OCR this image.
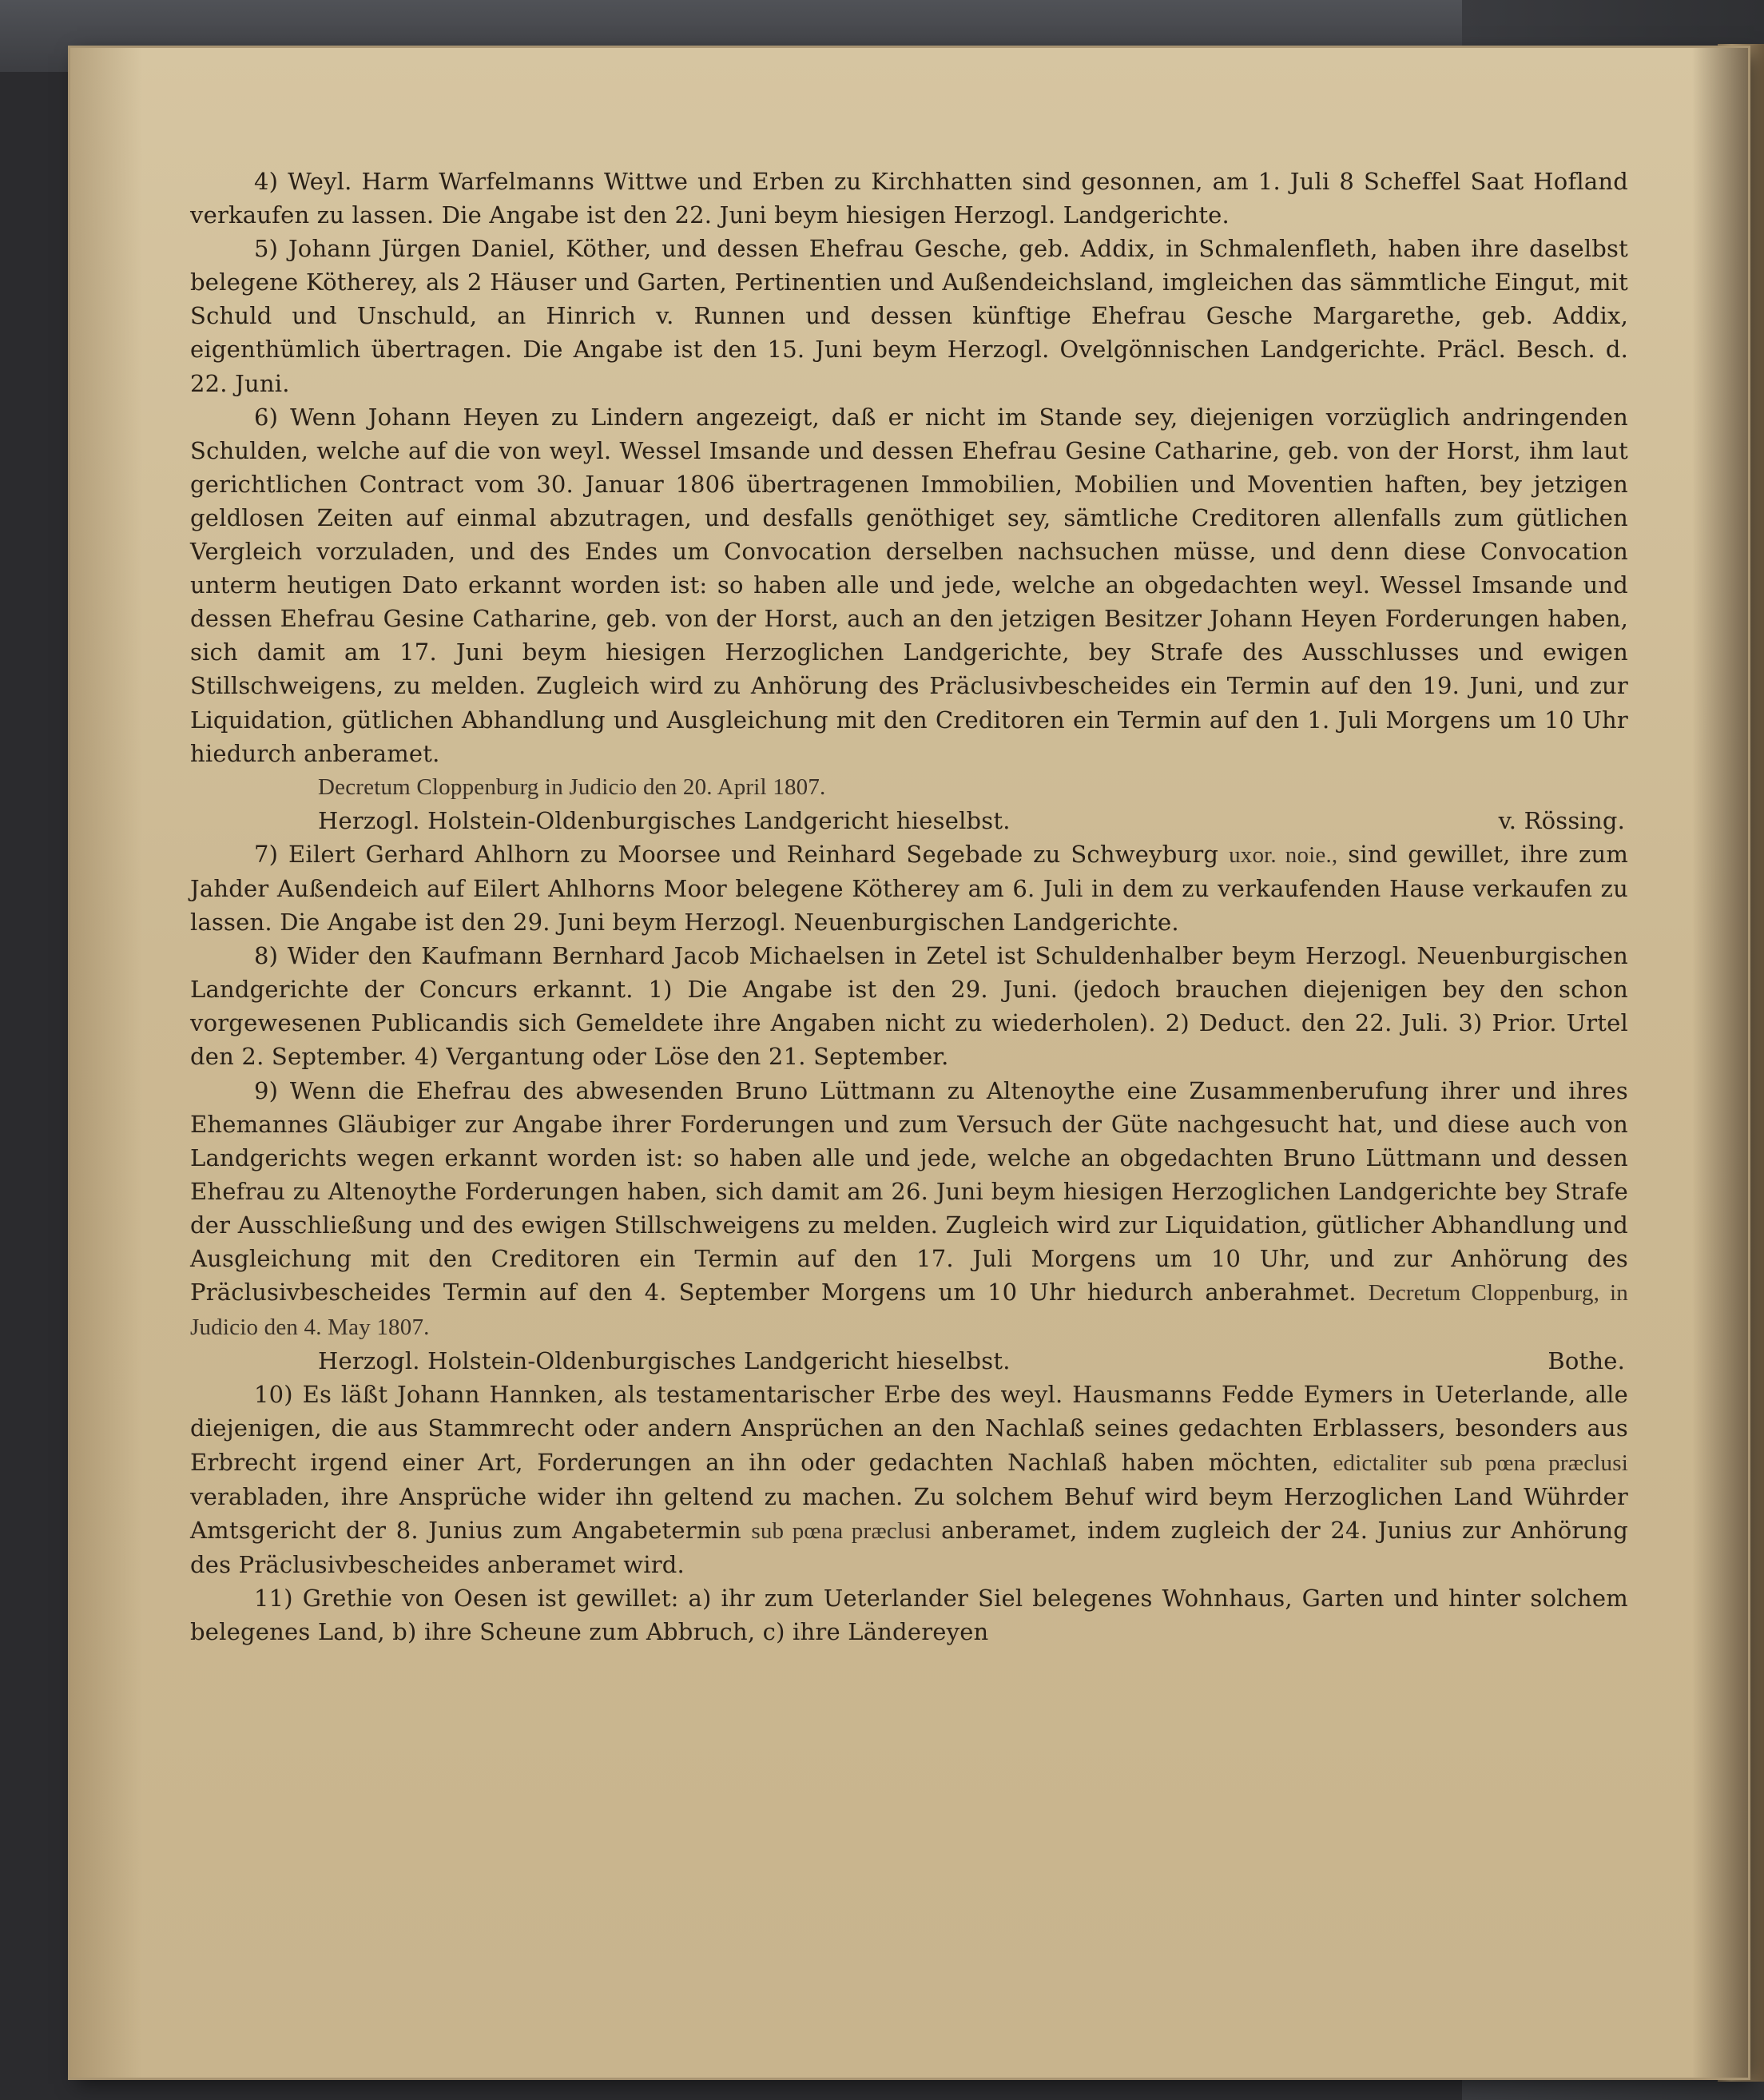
4) Weyl. Harm Warfelmanns Wittwe und Erben zu Kirchhatten sind gesonnen, am 1. Juli 8 Scheffel Saat Hofland verkaufen zu lassen. Die Angabe ist den 22. Juni beym hiesigen Herzogl. Landgerichte.

5) Johann Jürgen Daniel, Köther, und dessen Ehefrau Gesche, geb. Addix, in Schmalenfleth, haben ihre daselbst belegene Kötherey, als 2 Häuser und Garten, Pertinentien und Außendeichsland, imgleichen das sämmtliche Eingut, mit Schuld und Unschuld, an Hinrich v. Runnen und dessen künftige Ehefrau Gesche Margarethe, geb. Addix, eigenthümlich übertragen. Die Angabe ist den 15. Juni beym Herzogl. Ovelgönnischen Landgerichte. Präcl. Besch. d. 22. Juni.

6) Wenn Johann Heyen zu Lindern angezeigt, daß er nicht im Stande sey, diejenigen vorzüglich andringenden Schulden, welche auf die von weyl. Wessel Imsande und dessen Ehefrau Gesine Catharine, geb. von der Horst, ihm laut gerichtlichen Contract vom 30. Januar 1806 übertragenen Immobilien, Mobilien und Moventien haften, bey jetzigen geldlosen Zeiten auf einmal abzutragen, und desfalls genöthiget sey, sämtliche Creditoren allenfalls zum gütlichen Vergleich vorzuladen, und des Endes um Convocation derselben nachsuchen müsse, und denn diese Convocation unterm heutigen Dato erkannt worden ist: so haben alle und jede, welche an obgedachten weyl. Wessel Imsande und dessen Ehefrau Gesine Catharine, geb. von der Horst, auch an den jetzigen Besitzer Johann Heyen Forderungen haben, sich damit am 17. Juni beym hiesigen Herzoglichen Landgerichte, bey Strafe des Ausschlusses und ewigen Stillschweigens, zu melden. Zugleich wird zu Anhörung des Präclusivbescheides ein Termin auf den 19. Juni, und zur Liquidation, gütlichen Abhandlung und Ausgleichung mit den Creditoren ein Termin auf den 1. Juli Morgens um 10 Uhr hiedurch anberamet.

Decretum Cloppenburg in Judicio den 20. April 1807.

Herzogl. Holstein-Oldenburgisches Landgericht hieselbst.	v. Rössing.

7) Eilert Gerhard Ahlhorn zu Moorsee und Reinhard Segebade zu Schweyburg uxor. noie., sind gewillet, ihre zum Jahder Außendeich auf Eilert Ahlhorns Moor belegene Kötherey am 6. Juli in dem zu verkaufenden Hause verkaufen zu lassen. Die Angabe ist den 29. Juni beym Herzogl. Neuenburgischen Landgerichte.

8) Wider den Kaufmann Bernhard Jacob Michaelsen in Zetel ist Schuldenhalber beym Herzogl. Neuenburgischen Landgerichte der Concurs erkannt. 1) Die Angabe ist den 29. Juni. (jedoch brauchen diejenigen bey den schon vorgewesenen Publicandis sich Gemeldete ihre Angaben nicht zu wiederholen). 2) Deduct. den 22. Juli. 3) Prior. Urtel den 2. September. 4) Vergantung oder Löse den 21. September.

9) Wenn die Ehefrau des abwesenden Bruno Lüttmann zu Altenoythe eine Zusammenberufung ihrer und ihres Ehemannes Gläubiger zur Angabe ihrer Forderungen und zum Versuch der Güte nachgesucht hat, und diese auch von Landgerichts wegen erkannt worden ist: so haben alle und jede, welche an obgedachten Bruno Lüttmann und dessen Ehefrau zu Altenoythe Forderungen haben, sich damit am 26. Juni beym hiesigen Herzoglichen Landgerichte bey Strafe der Ausschließung und des ewigen Stillschweigens zu melden. Zugleich wird zur Liquidation, gütlicher Abhandlung und Ausgleichung mit den Creditoren ein Termin auf den 17. Juli Morgens um 10 Uhr, und zur Anhörung des Präclusivbescheides Termin auf den 4. September Morgens um 10 Uhr hiedurch anberahmet. Decretum Cloppenburg, in Judicio den 4. May 1807.

Herzogl. Holstein-Oldenburgisches Landgericht hieselbst.	Bothe.

10) Es läßt Johann Hannken, als testamentarischer Erbe des weyl. Hausmanns Fedde Eymers in Ueterlande, alle diejenigen, die aus Stammrecht oder andern Ansprüchen an den Nachlaß seines gedachten Erblassers, besonders aus Erbrecht irgend einer Art, Forderungen an ihn oder gedachten Nachlaß haben möchten, edictaliter sub pœna præclusi verabladen, ihre Ansprüche wider ihn geltend zu machen. Zu solchem Behuf wird beym Herzoglichen Land Wührder Amtsgericht der 8. Junius zum Angabetermin sub pœna præclusi anberamet, indem zugleich der 24. Junius zur Anhörung des Präclusivbescheides anberamet wird.

11) Grethie von Oesen ist gewillet: a) ihr zum Ueterlander Siel belegenes Wohnhaus, Garten und hinter solchem belegenes Land, b) ihre Scheune zum Abbruch, c) ihre Ländereyen
